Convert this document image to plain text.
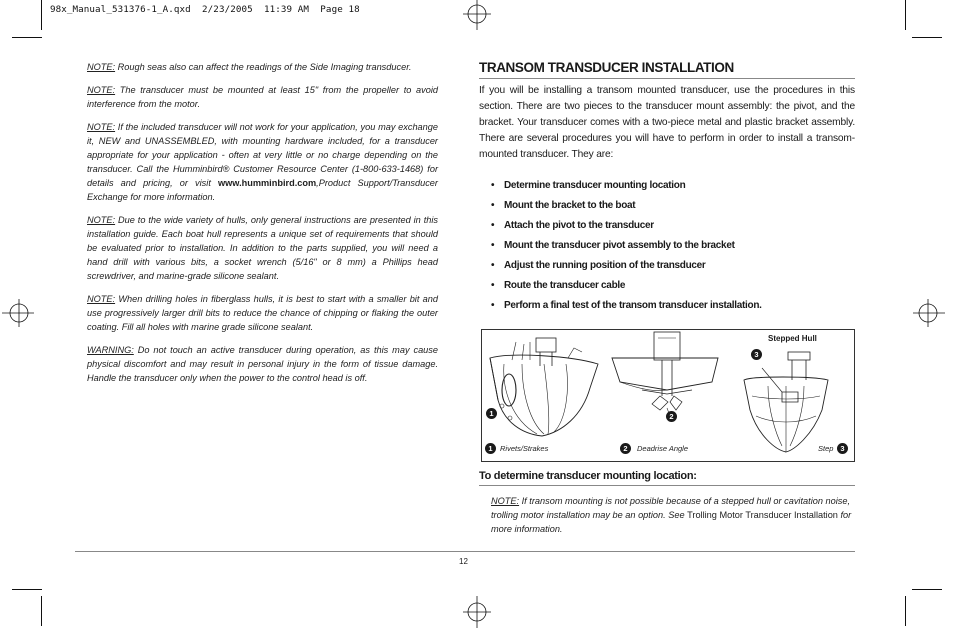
98x_Manual_531376-1_A.qxd  2/23/2005  11:39 AM  Page 18

NOTE: Rough seas also can affect the readings of the Side Imaging transducer.

NOTE: The transducer must be mounted at least 15" from the propeller to avoid interference from the motor.

NOTE: If the included transducer will not work for your application, you may exchange it, NEW and UNASSEMBLED, with mounting hardware included, for a transducer appropriate for your application - often at very little or no charge depending on the transducer. Call the Humminbird® Customer Resource Center (1-800-633-1468) for details and pricing, or visit www.humminbird.com,Product Support/Transducer Exchange for more information.

NOTE: Due to the wide variety of hulls, only general instructions are presented in this installation guide. Each boat hull represents a unique set of requirements that should be evaluated prior to installation. In addition to the parts supplied, you will need a hand drill with various bits, a socket wrench (5/16" or 8 mm) a Phillips head screwdriver, and marine-grade silicone sealant.

NOTE: When drilling holes in fiberglass hulls, it is best to start with a smaller bit and use progressively larger drill bits to reduce the chance of chipping or flaking the outer coating. Fill all holes with marine grade silicone sealant.

WARNING: Do not touch an active transducer during operation, as this may cause physical discomfort and may result in personal injury in the form of tissue damage. Handle the transducer only when the power to the control head is off.

TRANSOM TRANSDUCER INSTALLATION

If you will be installing a transom mounted transducer, use the procedures in this section. There are two pieces to the transducer mount assembly: the pivot, and the bracket. Your transducer comes with a two-piece metal and plastic bracket assembly. There are several procedures you will have to perform in order to install a transom-mounted transducer. They are:

• Determine transducer mounting location
• Mount the bracket to the boat
• Attach the pivot to the transducer
• Mount the transducer pivot assembly to the bracket
• Adjust the running position of the transducer
• Route the transducer cable
• Perform a final test of the transom transducer installation.
Stepped Hull
1	2
3
1 Rivets/Strakes	2	Deadrise Angle	Step 3
To determine transducer mounting location:
NOTE: If transom mounting is not possible because of a stepped hull or cavitation noise, trolling motor installation may be an option. See Trolling Motor Transducer Installation for more information.
12
